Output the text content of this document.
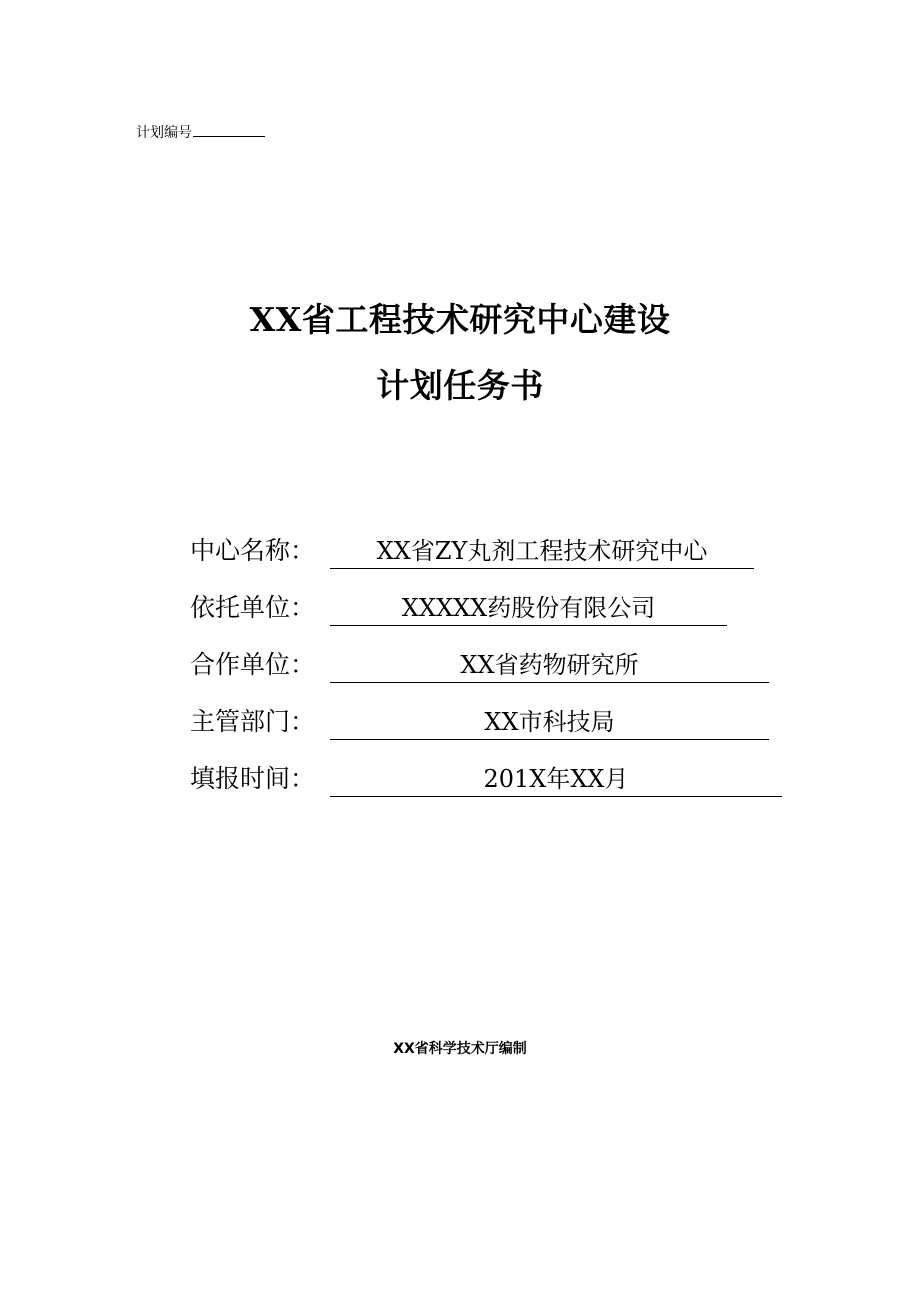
计划编号
XX省工程技术研究中心建设
计划任务书
中心名称：	XX省ZY丸剂工程技术研究中心
依托单位：	XXXXX药股份有限公司
合作单位：	XX省药物研究所
主管部门：	XX市科技局
填报时间：	201X年XX月
XX省科学技术厅编制
